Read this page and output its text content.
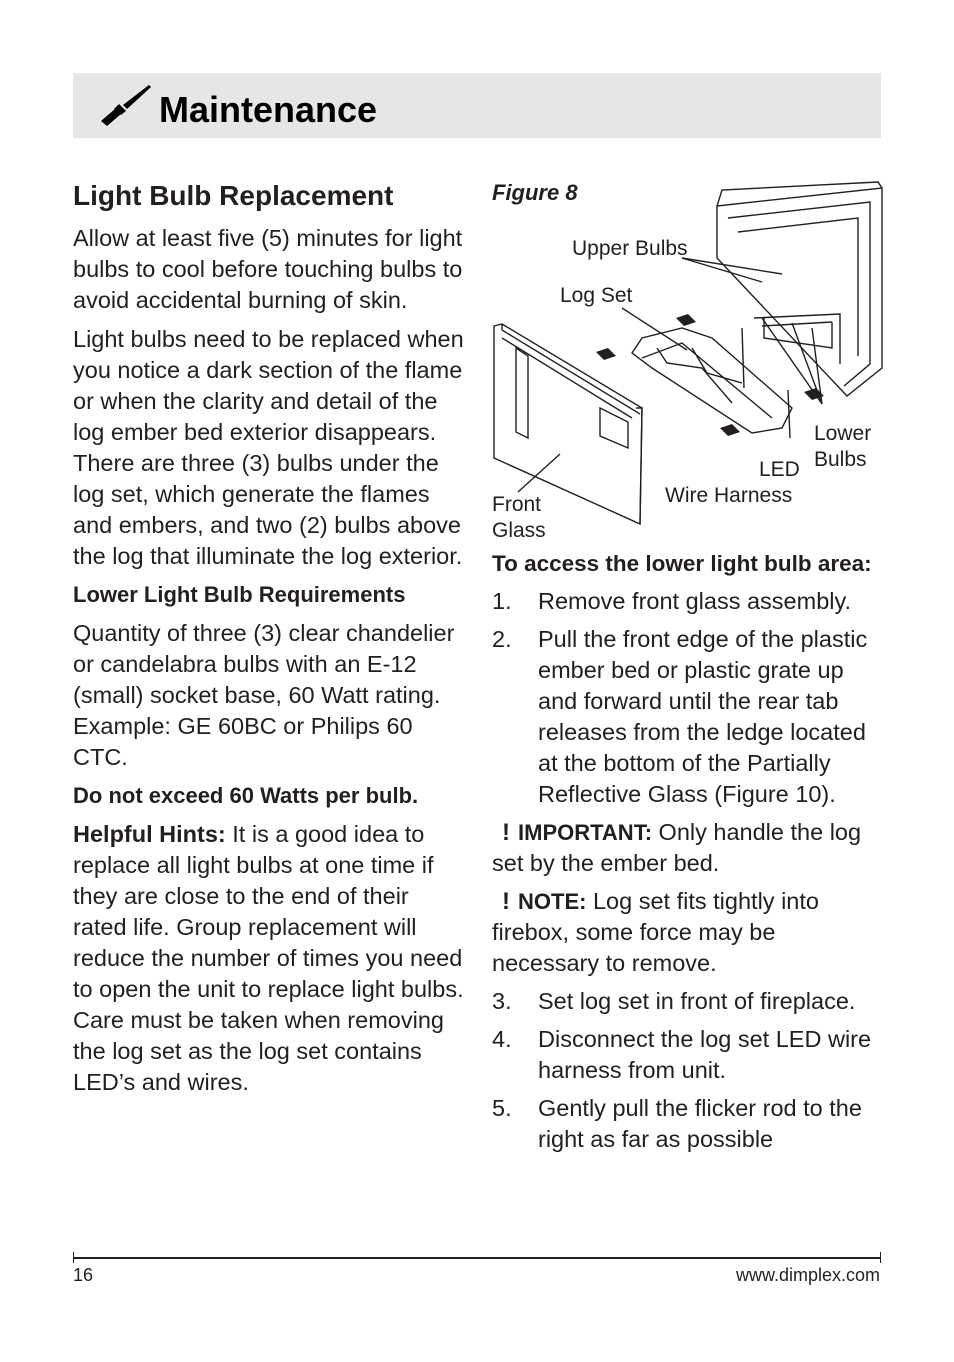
Maintenance
Light Bulb Replacement

Allow at least five (5) minutes for light bulbs to cool before touching bulbs to avoid accidental burning of skin.

Light bulbs need to be replaced when you notice a dark section of the flame or when the clarity and detail of the log ember bed exterior disappears. There are three (3) bulbs under the log set, which generate the flames and embers, and two (2) bulbs above the log that illuminate the log exterior.

Lower Light Bulb Requirements

Quantity of three (3) clear chandelier or candelabra bulbs with an E-12 (small) socket base, 60 Watt rating. Example: GE 60BC or Philips 60 CTC.

Do not exceed 60 Watts per bulb.

Helpful Hints: It is a good idea to replace all light bulbs at one time if they are close to the end of their rated life. Group replacement will reduce the number of times you need to open the unit to replace light bulbs. Care must be taken when removing the log set as the log set contains LED’s and wires.

Figure 8
Upper Bulbs
Log Set
Lower
Bulbs
LED
Wire Harness
Front
Glass
To access the lower light bulb area:
1. Remove front glass assembly.
2. Pull the front edge of the plastic ember bed or plastic grate up and forward until the rear tab releases from the ledge located at the bottom of the Partially Reflective Glass (Figure 10).
! IMPORTANT: Only handle the log set by the ember bed.
! NOTE: Log set fits tightly into firebox, some force may be necessary to remove.
3. Set log set in front of fireplace.
4. Disconnect the log set LED wire harness from unit.
5. Gently pull the flicker rod to the right as far as possible
16	www.dimplex.com
